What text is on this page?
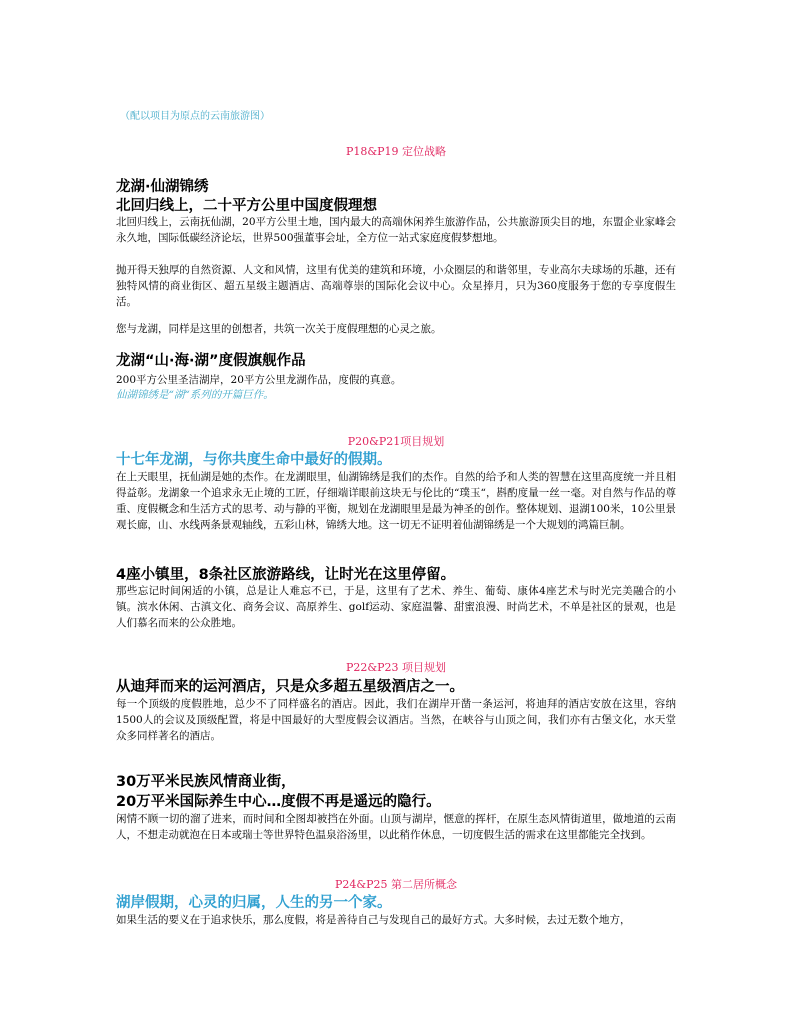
（配以项目为原点的云南旅游图）
P18&P19 定位战略
龙湖·仙湖锦绣
北回归线上，二十平方公里中国度假理想
北回归线上，云南抚仙湖，20平方公里土地，国内最大的高端休闲养生旅游作品，公共旅游顶尖目的地，东盟企业家峰会永久地，国际低碳经济论坛，世界500强董事会址，全方位一站式家庭度假梦想地。
抛开得天独厚的自然资源、人文和风情，这里有优美的建筑和环境，小众圈层的和谐邻里，专业高尔夫球场的乐趣，还有独特风情的商业街区、超五星级主题酒店、高端尊崇的国际化会议中心。众星捧月，只为360度服务于您的专享度假生活。
您与龙湖，同样是这里的创想者，共筑一次关于度假理想的心灵之旅。
龙湖“山·海·湖”度假旗舰作品
200平方公里圣洁湖岸，20平方公里龙湖作品，度假的真意。
仙湖锦绣是“湖“系列的开篇巨作。
P20&P21项目规划
十七年龙湖，与你共度生命中最好的假期。
在上天眼里，抚仙湖是她的杰作。在龙湖眼里，仙湖锦绣是我们的杰作。自然的给予和人类的智慧在这里高度统一并且相得益彰。龙湖象一个追求永无止境的工匠，仔细端详眼前这块无与伦比的“璞玉“，斟酌度量一丝一毫。对自然与作品的尊重、度假概念和生活方式的思考、动与静的平衡，规划在龙湖眼里是最为神圣的创作。整体规划、退湖100米，10公里景观长廊，山、水线两条景观轴线，五彩山林，锦绣大地。这一切无不证明着仙湖锦绣是一个大规划的鸿篇巨制。
4座小镇里，8条社区旅游路线，让时光在这里停留。
那些忘记时间闲适的小镇，总是让人难忘不已，于是，这里有了艺术、养生、葡萄、康体4座艺术与时光完美融合的小镇。滨水休闲、古滇文化、商务会议、高原养生、golf运动、家庭温馨、甜蜜浪漫、时尚艺术，不单是社区的景观，也是人们慕名而来的公众胜地。
P22&P23 项目规划
从迪拜而来的运河酒店，只是众多超五星级酒店之一。
每一个顶级的度假胜地，总少不了同样盛名的酒店。因此，我们在湖岸开凿一条运河，将迪拜的酒店安放在这里，容纳1500人的会议及顶级配置，将是中国最好的大型度假会议酒店。当然，在峡谷与山顶之间，我们亦有古堡文化，水天堂众多同样著名的酒店。
30万平米民族风情商业街，
20万平米国际养生中心…度假不再是遥远的隐行。
闲情不顾一切的溜了进来，而时间和全图却被挡在外面。山顶与湖岸，惬意的挥杆，在原生态风情街道里，做地道的云南人，不想走动就泡在日本或瑞士等世界特色温泉浴汤里，以此稍作休息，一切度假生活的需求在这里都能完全找到。
P24&P25 第二居所概念
湖岸假期，心灵的归属，人生的另一个家。
如果生活的要义在于追求快乐，那么度假，将是善待自己与发现自己的最好方式。大多时候，去过无数个地方，
